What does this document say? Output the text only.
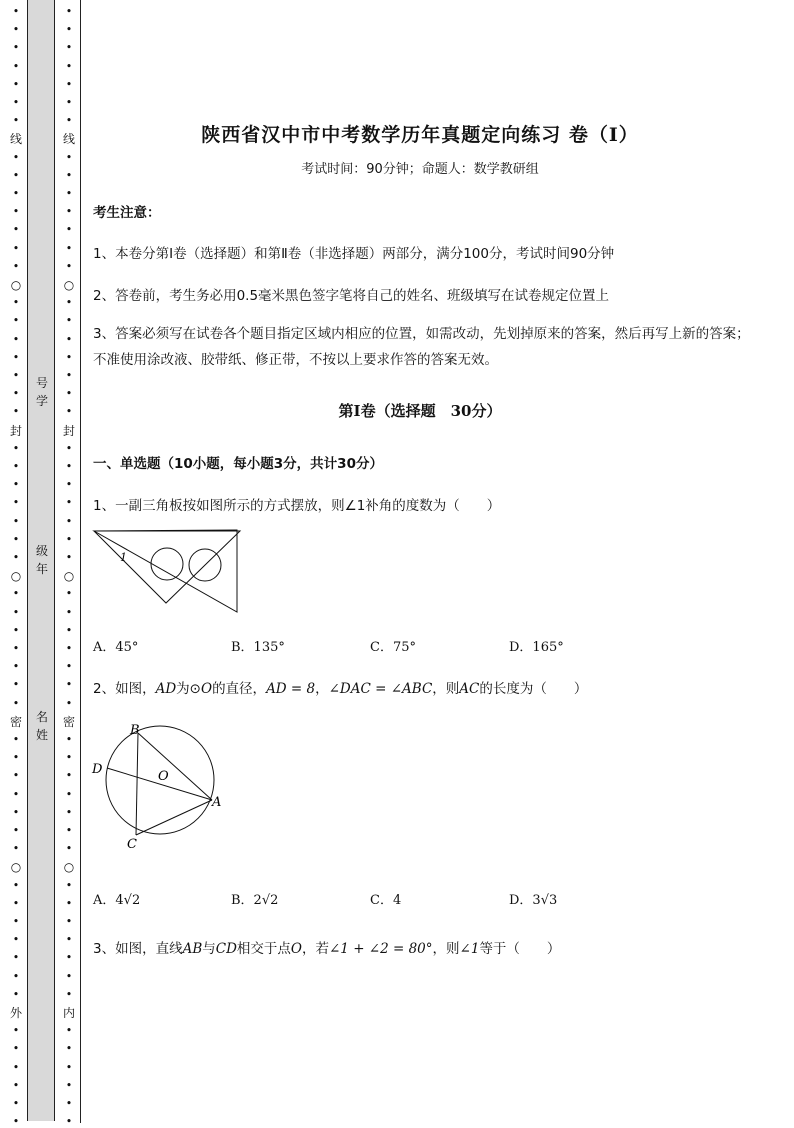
•
•
•
•
•
•
•
线
•
•
•
•
•
•
•
○
•
•
•
•
•
•
•
封
•
•
•
•
•
•
•
○
•
•
•
•
•
•
•
密
•
•
•
•
•
•
•
○
•
•
•
•
•
•
•
外
•
•
•
•
•
•
•
•
•
•
•
•
•
线
•
•
•
•
•
•
•
○
•
•
•
•
•
•
•
封
•
•
•
•
•
•
•
○
•
•
•
•
•
•
•
密
•
•
•
•
•
•
•
○
•
•
•
•
•
•
•
内
•
•
•
•
•
•
号学
级年
名姓
陕西省汉中市中考数学历年真题定向练习 卷（Ⅰ）
考试时间：90分钟；命题人：数学教研组
考生注意：
1、本卷分第I卷（选择题）和第Ⅱ卷（非选择题）两部分，满分100分，考试时间90分钟
2、答卷前，考生务必用0.5毫米黑色签字笔将自己的姓名、班级填写在试卷规定位置上
3、答案必须写在试卷各个题目指定区域内相应的位置，如需改动，先划掉原来的答案，然后再写上新的答案；不准使用涂改液、胶带纸、修正带，不按以上要求作答的答案无效。
第I卷（选择题　30分）
一、单选题（10小题，每小题3分，共计30分）
1、一副三角板按如图所示的方式摆放，则∠1补角的度数为（　　）
1
A．45°	B．135°	C．75°	D．165°
2、如图，AD为⊙O的直径，AD = 8，∠DAC = ∠ABC，则AC的长度为（　　）
B
D	O
A
C
A．4√2	B．2√2	C．4	D．3√3
3、如图，直线AB与CD相交于点O，若∠1 + ∠2 = 80°，则∠1等于（　　）
